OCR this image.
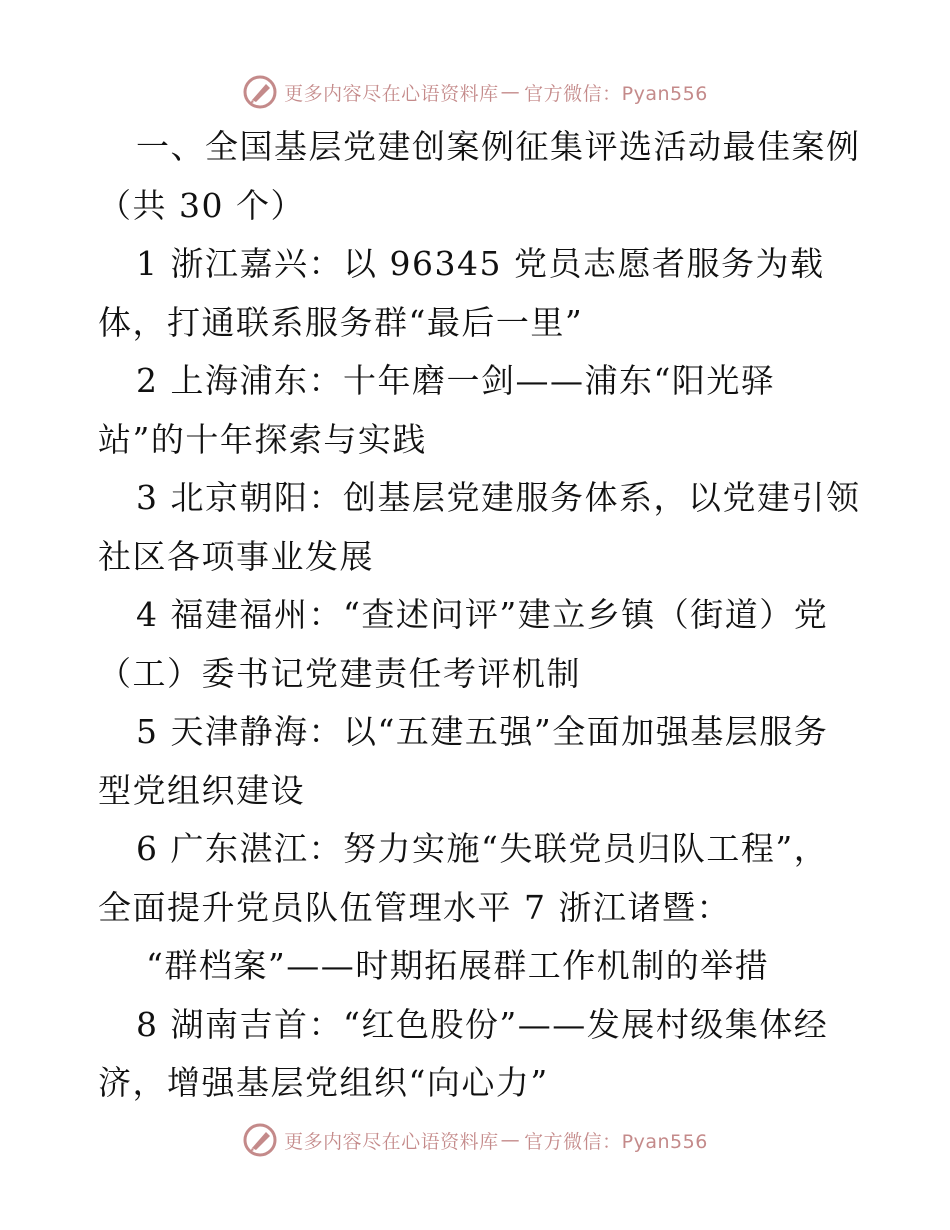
更多内容尽在心语资料库 — 官方微信：Pyan556
一、全国基层党建创案例征集评选活动最佳案例
（共 30 个）
1 浙江嘉兴：以 96345 党员志愿者服务为载
体，打通联系服务群“最后一里”
2 上海浦东：十年磨一剑——浦东“阳光驿
站”的十年探索与实践
3 北京朝阳：创基层党建服务体系，以党建引领
社区各项事业发展
4 福建福州：“查述问评”建立乡镇（街道）党
（工）委书记党建责任考评机制
5 天津静海：以“五建五强”全面加强基层服务
型党组织建设
6 广东湛江：努力实施“失联党员归队工程”，
全面提升党员队伍管理水平 7 浙江诸暨：
“群档案”——时期拓展群工作机制的举措
8 湖南吉首：“红色股份”——发展村级集体经
济，增强基层党组织“向心力”
更多内容尽在心语资料库 — 官方微信：Pyan556
